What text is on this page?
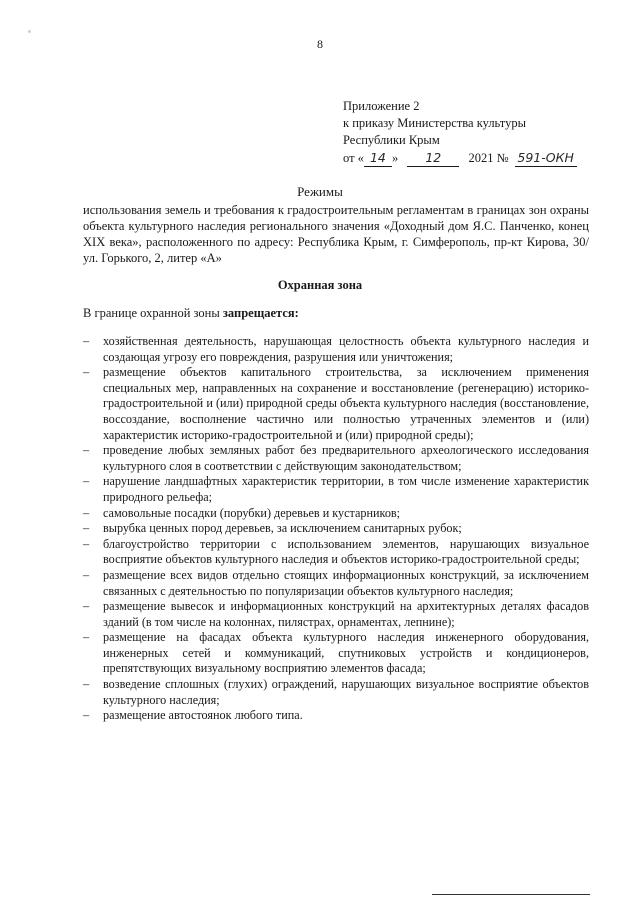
8
Приложение 2
к приказу Министерства культуры
Республики Крым
от « 14 » 12 2021 № 591-ОКН
Режимы
использования земель и требования к градостроительным регламентам в границах зон охраны объекта культурного наследия регионального значения «Доходный дом Я.С. Панченко, конец XIX века», расположенного по адресу: Республика Крым, г. Симферополь, пр-кт Кирова, 30/ул. Горького, 2, литер «А»
Охранная зона
В границе охранной зоны запрещается:
– хозяйственная деятельность, нарушающая целостность объекта культурного наследия и создающая угрозу его повреждения, разрушения или уничтожения;
– размещение объектов капитального строительства, за исключением применения специальных мер, направленных на сохранение и восстановление (регенерацию) историко-градостроительной и (или) природной среды объекта культурного наследия (восстановление, воссоздание, восполнение частично или полностью утраченных элементов и (или) характеристик историко-градостроительной и (или) природной среды);
– проведение любых земляных работ без предварительного археологического исследования культурного слоя в соответствии с действующим законодательством;
– нарушение ландшафтных характеристик территории, в том числе изменение характеристик природного рельефа;
– самовольные посадки (порубки) деревьев и кустарников;
– вырубка ценных пород деревьев, за исключением санитарных рубок;
– благоустройство территории с использованием элементов, нарушающих визуальное восприятие объектов культурного наследия и объектов историко-градостроительной среды;
– размещение всех видов отдельно стоящих информационных конструкций, за исключением связанных с деятельностью по популяризации объектов культурного наследия;
– размещение вывесок и информационных конструкций на архитектурных деталях фасадов зданий (в том числе на колоннах, пилястрах, орнаментах, лепнине);
– размещение на фасадах объекта культурного наследия инженерного оборудования, инженерных сетей и коммуникаций, спутниковых устройств и кондиционеров, препятствующих визуальному восприятию элементов фасада;
– возведение сплошных (глухих) ограждений, нарушающих визуальное восприятие объектов культурного наследия;
– размещение автостоянок любого типа.
